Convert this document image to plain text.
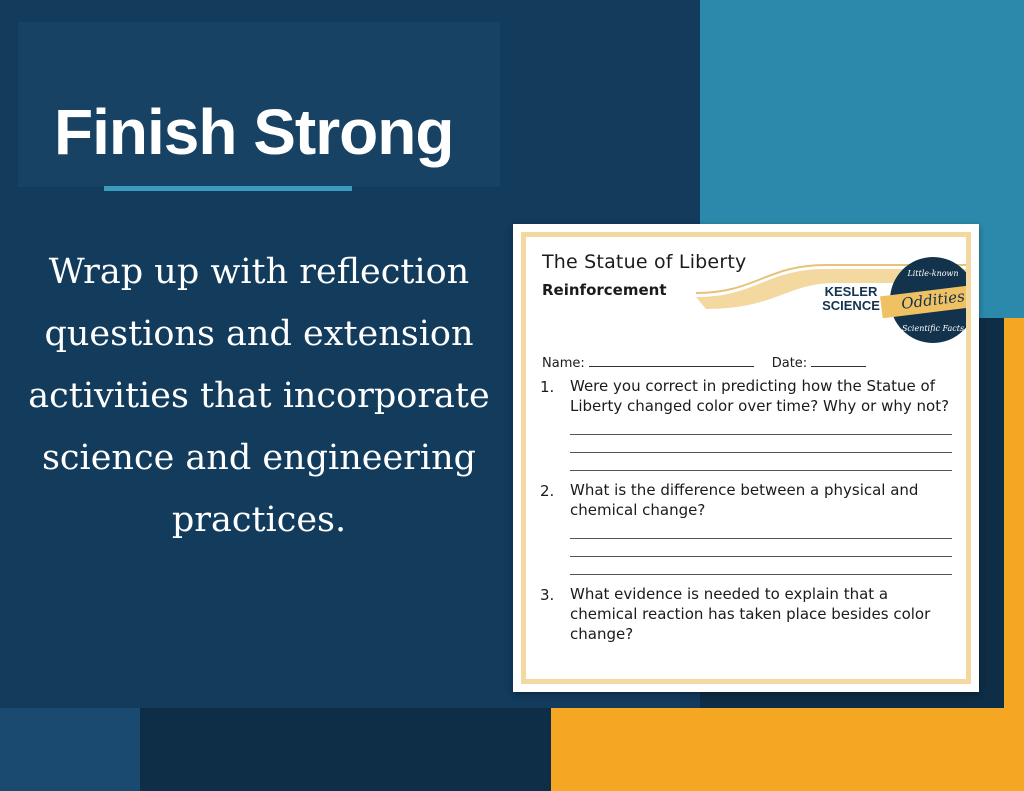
Finish Strong
Wrap up with reflection questions and extension activities that incorporate science and engineering practices.
The Statue of Liberty
Reinforcement	KESLER
SCIENCE
Little-known
Oddities
Scientific Facts
Name:	Date:
1.	Were you correct in predicting how the Statue of Liberty changed color over time? Why or why not?
2.	What is the difference between a physical and chemical change?
3.	What evidence is needed to explain that a chemical reaction has taken place besides color change?
